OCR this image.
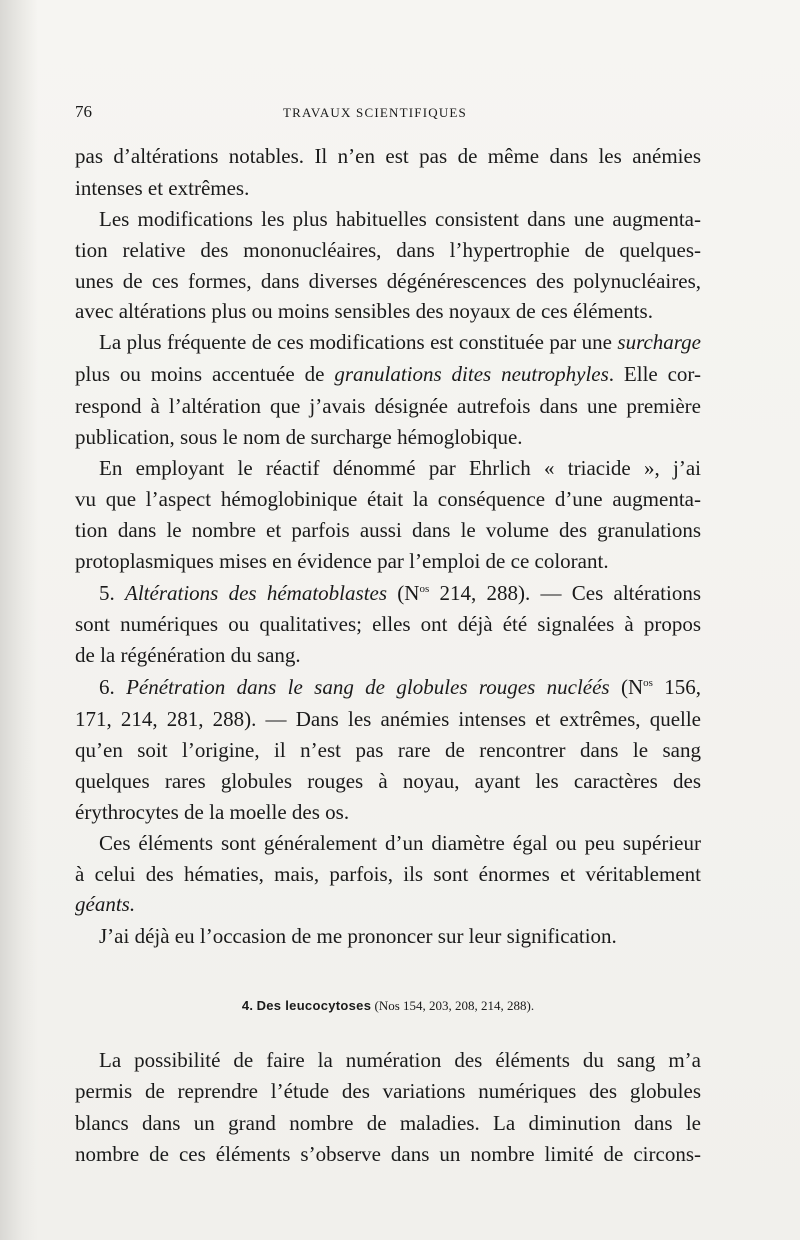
76	TRAVAUX SCIENTIFIQUES
pas d’altérations notables. Il n’en est pas de même dans les anémies
intenses et extrêmes.
Les modifications les plus habituelles consistent dans une augmenta-
tion relative des mononucléaires, dans l’hypertrophie de quelques-
unes de ces formes, dans diverses dégénérescences des polynucléaires,
avec altérations plus ou moins sensibles des noyaux de ces éléments.
La plus fréquente de ces modifications est constituée par une surcharge
plus ou moins accentuée de granulations dites neutrophyles. Elle cor-
respond à l’altération que j’avais désignée autrefois dans une première
publication, sous le nom de surcharge hémoglobique.
En employant le réactif dénommé par Ehrlich « triacide », j’ai
vu que l’aspect hémoglobinique était la conséquence d’une augmenta-
tion dans le nombre et parfois aussi dans le volume des granulations
protoplasmiques mises en évidence par l’emploi de ce colorant.
5. Altérations des hématoblastes ($N^{os}$ 214, 288). — Ces altérations
sont numériques ou qualitatives; elles ont déjà été signalées à propos
de la régénération du sang.
6. Pénétration dans le sang de globules rouges nucléés ($N^{os}$ 156,
171, 214, 281, 288). — Dans les anémies intenses et extrêmes, quelle
qu’en soit l’origine, il n’est pas rare de rencontrer dans le sang
quelques rares globules rouges à noyau, ayant les caractères des
érythrocytes de la moelle des os.
Ces éléments sont généralement d’un diamètre égal ou peu supérieur
à celui des hématies, mais, parfois, ils sont énormes et véritablement
géants.
J’ai déjà eu l’occasion de me prononcer sur leur signification.
4. Des leucocytoses (Nos 154, 203, 208, 214, 288).
La possibilité de faire la numération des éléments du sang m’a
permis de reprendre l’étude des variations numériques des globules
blancs dans un grand nombre de maladies. La diminution dans le
nombre de ces éléments s’observe dans un nombre limité de circons-
